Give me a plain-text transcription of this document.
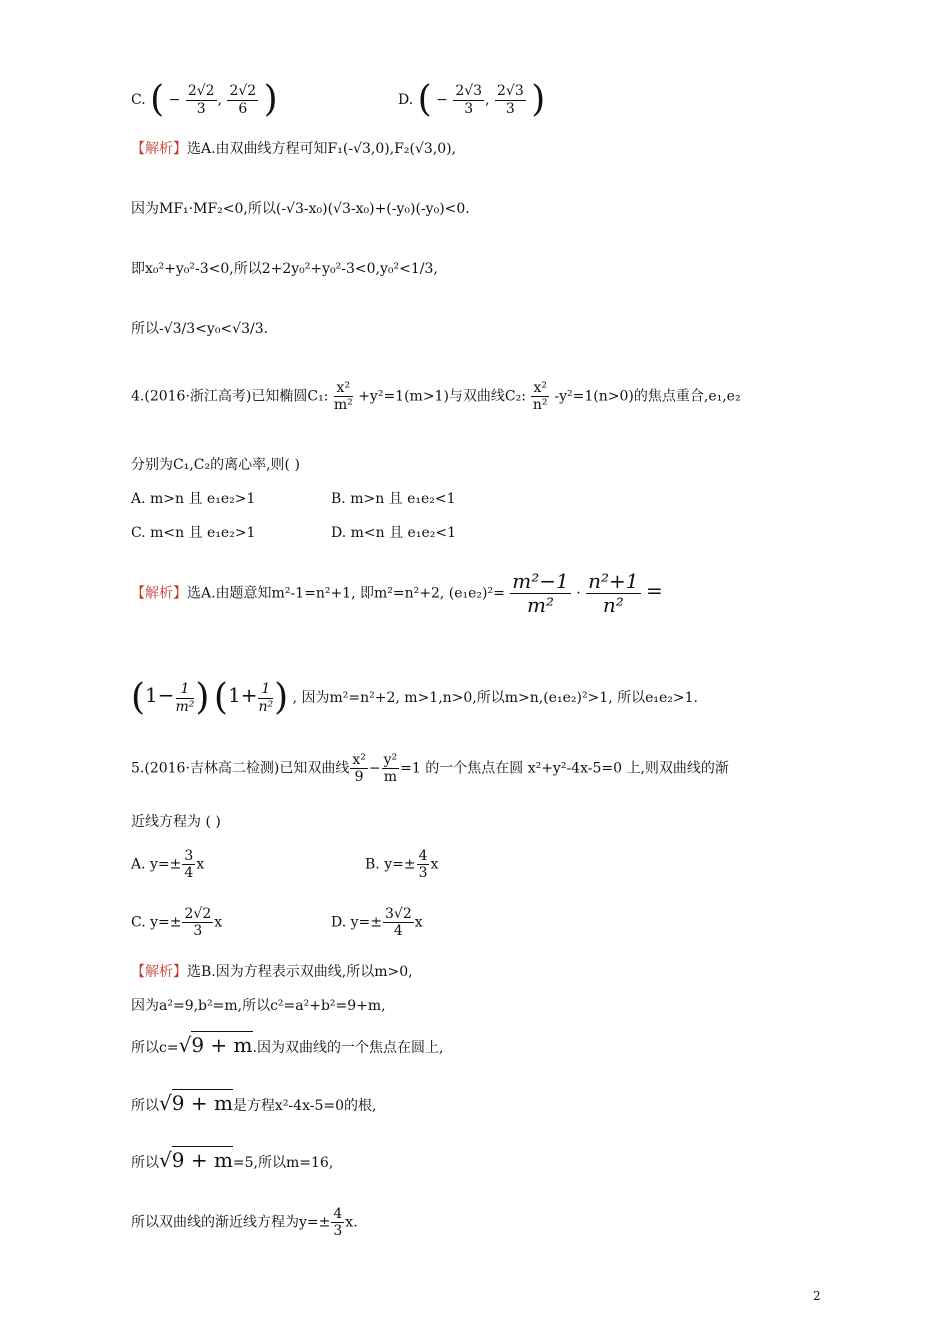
C. ( − $\frac{2√2}{3}$ , $\frac{2√2}{6}$ )	D. ( − $\frac{2√3}{3}$ , $\frac{2√3}{3}$ )
【解析】选A.由双曲线方程可知F₁(-√3,0),F₂(√3,0),
因为MF₁·MF₂<0,所以(-√3-x₀)(√3-x₀)+(-y₀)(-y₀)<0.
即x₀²+y₀²-3<0,所以2+2y₀²+y₀²-3<0,y₀²<1/3,
所以-√3/3<y₀<√3/3.
4.(2016·浙江高考)已知椭圆C₁: $\frac{\text{x²}}{\text{m²}} +y^2=1(m>1)$与双曲线C₂: $\frac{\text{x²}}{\text{n²}} -y^2=1(n>0)$的焦点重合,e₁,e₂
分别为C₁,C₂的离心率,则( )
A. m>n 且 e₁e₂>1	B. m>n 且 e₁e₂<1
C. m<n 且 e₁e₂>1	D. m<n 且 e₁e₂<1
【解析】选A.由题意知m²-1=n²+1, 即m²=n²+2, $(e_1e_2)^2= \frac{\text{m²−1}}{\text{m²}} \cdot \frac{\text{n²+1}}{\text{n²}}$ =
($1- \frac{1}{\text{m²}}$ ) ($1+ \frac{1}{\text{n²}}$ ) , 因为m²=n²+2, m>1,n>0,所以m>n,(e₁e₂)²>1, 所以e₁e₂>1.
5.(2016·吉林高二检测)已知双曲线 $\frac{\text{x²}}{9} - \frac{\text{y²}}{m} =1$ 的一个焦点在圆 x²+y²-4x-5=0 上,则双曲线的渐
近线方程为 ( )
A. $y=\pm \frac{3}{4}$ x	B. $y=\pm \frac{4}{3}$ x
C. $y=\pm \frac{2√2}{3}$ x	D. $y=\pm \frac{3√2}{4}$ x
【解析】选B.因为方程表示双曲线,所以m>0,
因为a²=9,b²=m,所以c²=a²+b²=9+m,
所以c=√9 + m.因为双曲线的一个焦点在圆上,
所以√9 + m是方程x²-4x-5=0的根,
所以√9 + m=5,所以m=16,
所以双曲线的渐近线方程为$y=\pm \frac{4}{3} x$.
2
